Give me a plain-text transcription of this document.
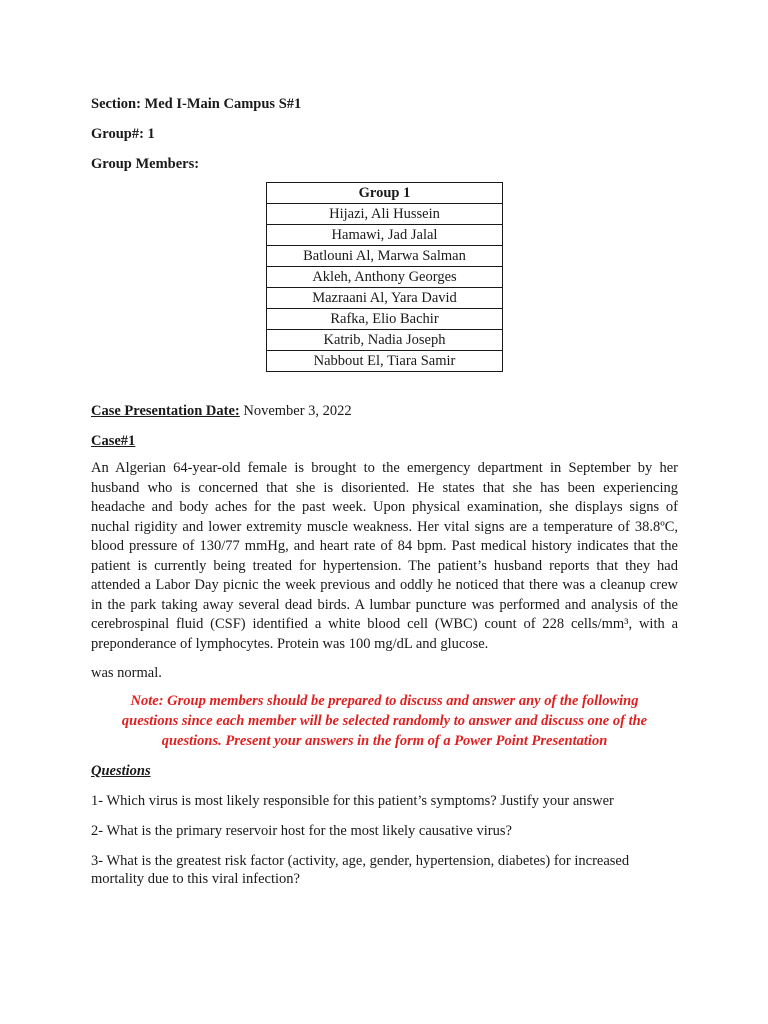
Section: Med I-Main Campus S#1
Group#: 1
Group Members:
Group 1
Hijazi, Ali Hussein
Hamawi, Jad Jalal
Batlouni Al, Marwa Salman
Akleh, Anthony Georges
Mazraani Al, Yara David
Rafka, Elio Bachir
Katrib, Nadia Joseph
Nabbout El, Tiara Samir
Case Presentation Date: November 3, 2022
Case#1

An Algerian 64-year-old female is brought to the emergency department in September by her

husband who is concerned that she is disoriented. He states that she has been experiencing

headache and body aches for the past week. Upon physical examination, she displays signs of

nuchal rigidity and lower extremity muscle weakness. Her vital signs are a temperature of 38.8ºC,

blood pressure of 130/77 mmHg, and heart rate of 84 bpm. Past medical history indicates that the

patient is currently being treated for hypertension. The patient’s husband reports that they had

attended a Labor Day picnic the week previous and oddly he noticed that there was a cleanup crew

in the park taking away several dead birds. A lumbar puncture was performed and analysis of the

cerebrospinal fluid (CSF) identified a white blood cell (WBC) count of 228 cells/mm³, with a

preponderance of lymphocytes. Protein was 100 mg/dL and glucose.

was normal.
Note: Group members should be prepared to discuss and answer any of the following
questions since each member will be selected randomly to answer and discuss one of the
questions. Present your answers in the form of a Power Point Presentation
Questions
1- Which virus is most likely responsible for this patient’s symptoms? Justify your answer
2- What is the primary reservoir host for the most likely causative virus?
3- What is the greatest risk factor (activity, age, gender, hypertension, diabetes) for increased
mortality due to this viral infection?
